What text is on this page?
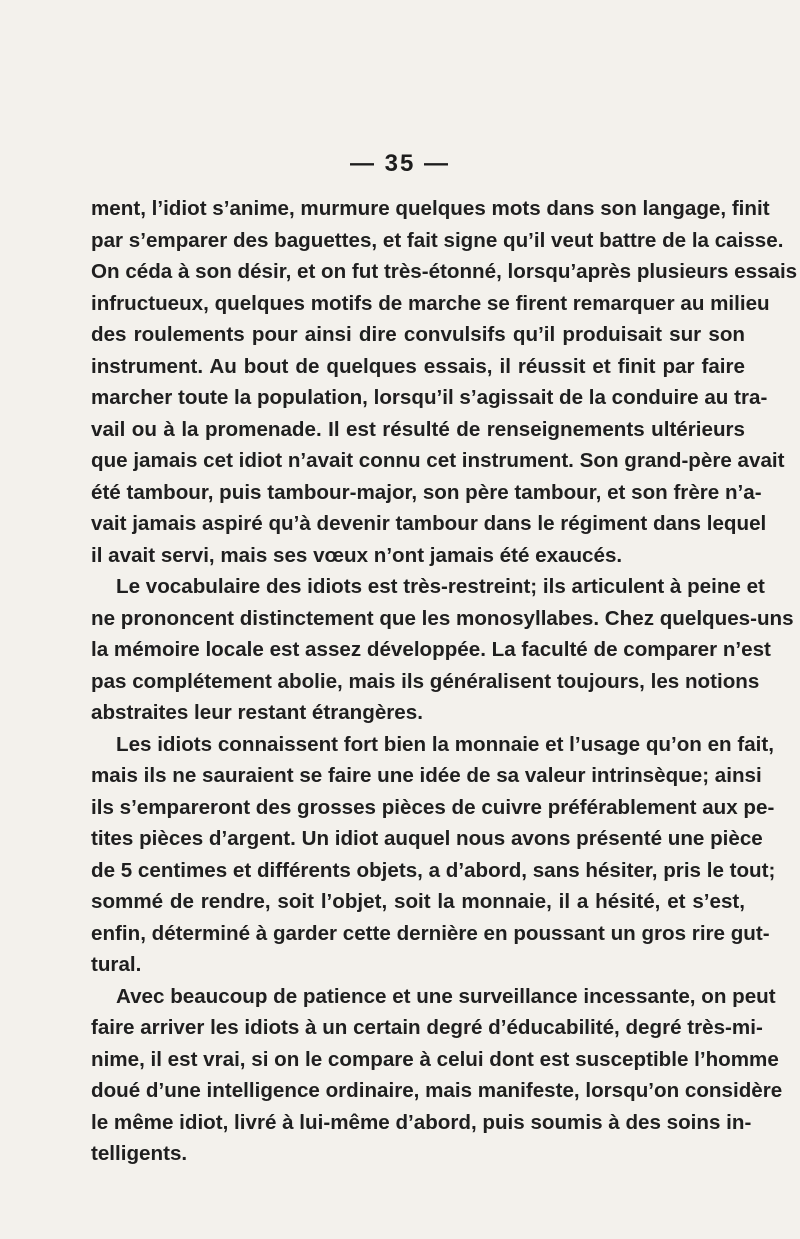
— 35 —
ment, l’idiot s’anime, murmure quelques mots dans son langage, finit
par s’emparer des baguettes, et fait signe qu’il veut battre de la caisse.
On céda à son désir, et on fut très-étonné, lorsqu’après plusieurs essais
infructueux, quelques motifs de marche se firent remarquer au milieu
des roulements pour ainsi dire convulsifs qu’il produisait sur son
instrument. Au bout de quelques essais, il réussit et finit par faire
marcher toute la population, lorsqu’il s’agissait de la conduire au tra-
vail ou à la promenade. Il est résulté de renseignements ultérieurs
que jamais cet idiot n’avait connu cet instrument. Son grand-père avait
été tambour, puis tambour-major, son père tambour, et son frère n’a-
vait jamais aspiré qu’à devenir tambour dans le régiment dans lequel
il avait servi, mais ses vœux n’ont jamais été exaucés.
Le vocabulaire des idiots est très-restreint; ils articulent à peine et
ne prononcent distinctement que les monosyllabes. Chez quelques-uns
la mémoire locale est assez développée. La faculté de comparer n’est
pas complétement abolie, mais ils généralisent toujours, les notions
abstraites leur restant étrangères.
Les idiots connaissent fort bien la monnaie et l’usage qu’on en fait,
mais ils ne sauraient se faire une idée de sa valeur intrinsèque; ainsi
ils s’empareront des grosses pièces de cuivre préférablement aux pe-
tites pièces d’argent. Un idiot auquel nous avons présenté une pièce
de 5 centimes et différents objets, a d’abord, sans hésiter, pris le tout;
sommé de rendre, soit l’objet, soit la monnaie, il a hésité, et s’est,
enfin, déterminé à garder cette dernière en poussant un gros rire gut-
tural.
Avec beaucoup de patience et une surveillance incessante, on peut
faire arriver les idiots à un certain degré d’éducabilité, degré très-mi-
nime, il est vrai, si on le compare à celui dont est susceptible l’homme
doué d’une intelligence ordinaire, mais manifeste, lorsqu’on considère
le même idiot, livré à lui-même d’abord, puis soumis à des soins in-
telligents.
